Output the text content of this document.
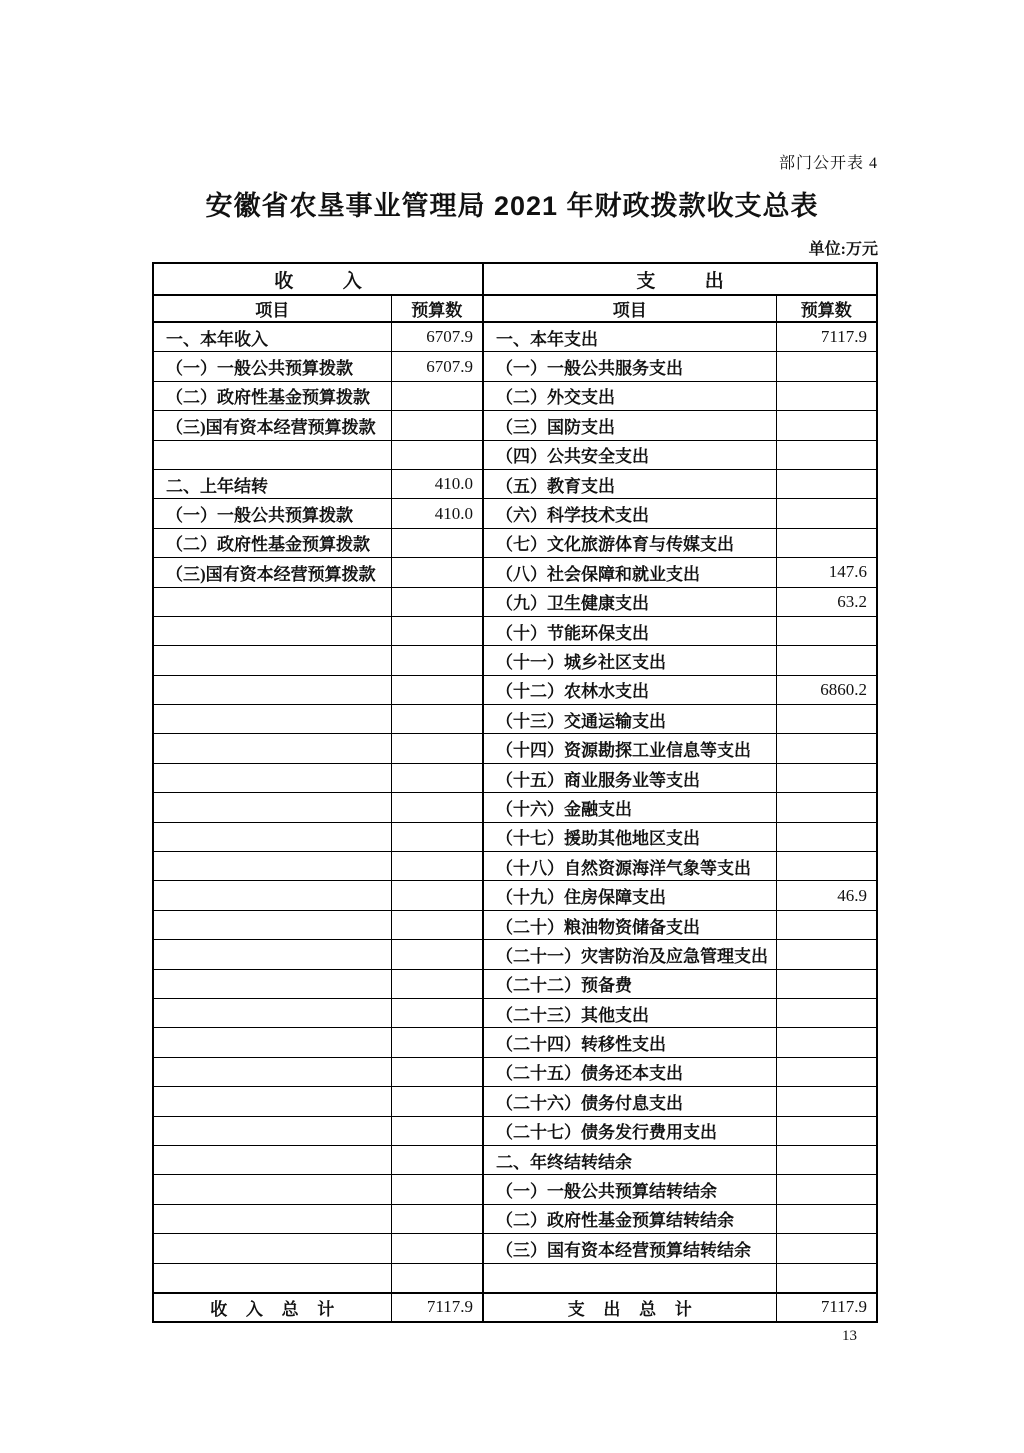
部门公开表 4
安徽省农垦事业管理局 2021 年财政拨款收支总表
单位:万元
收入		支出	
项目	预算数	项目	预算数
一、本年收入	6707.9	一、本年支出	7117.9
（一）一般公共预算拨款	6707.9	（一）一般公共服务支出	
（二）政府性基金预算拨款		（二）外交支出	
（三)国有资本经营预算拨款		（三）国防支出	
		（四）公共安全支出	
二、上年结转	410.0	（五）教育支出	
（一）一般公共预算拨款	410.0	（六）科学技术支出	
（二）政府性基金预算拨款		（七）文化旅游体育与传媒支出	
（三)国有资本经营预算拨款		（八）社会保障和就业支出	147.6
		（九）卫生健康支出	63.2
		（十）节能环保支出	
		（十一）城乡社区支出	
		（十二）农林水支出	6860.2
		（十三）交通运输支出	
		（十四）资源勘探工业信息等支出	
		（十五）商业服务业等支出	
		（十六）金融支出	
		（十七）援助其他地区支出	
		（十八）自然资源海洋气象等支出	
		（十九）住房保障支出	46.9
		（二十）粮油物资储备支出	
		（二十一）灾害防治及应急管理支出	
		（二十二）预备费	
		（二十三）其他支出	
		（二十四）转移性支出	
		（二十五）债务还本支出	
		（二十六）债务付息支出	
		（二十七）债务发行费用支出	
		二、年终结转结余	
		（一）一般公共预算结转结余	
		（二）政府性基金预算结转结余	
		（三）国有资本经营预算结转结余	

收入总计	7117.9	支出总计	7117.9
13
